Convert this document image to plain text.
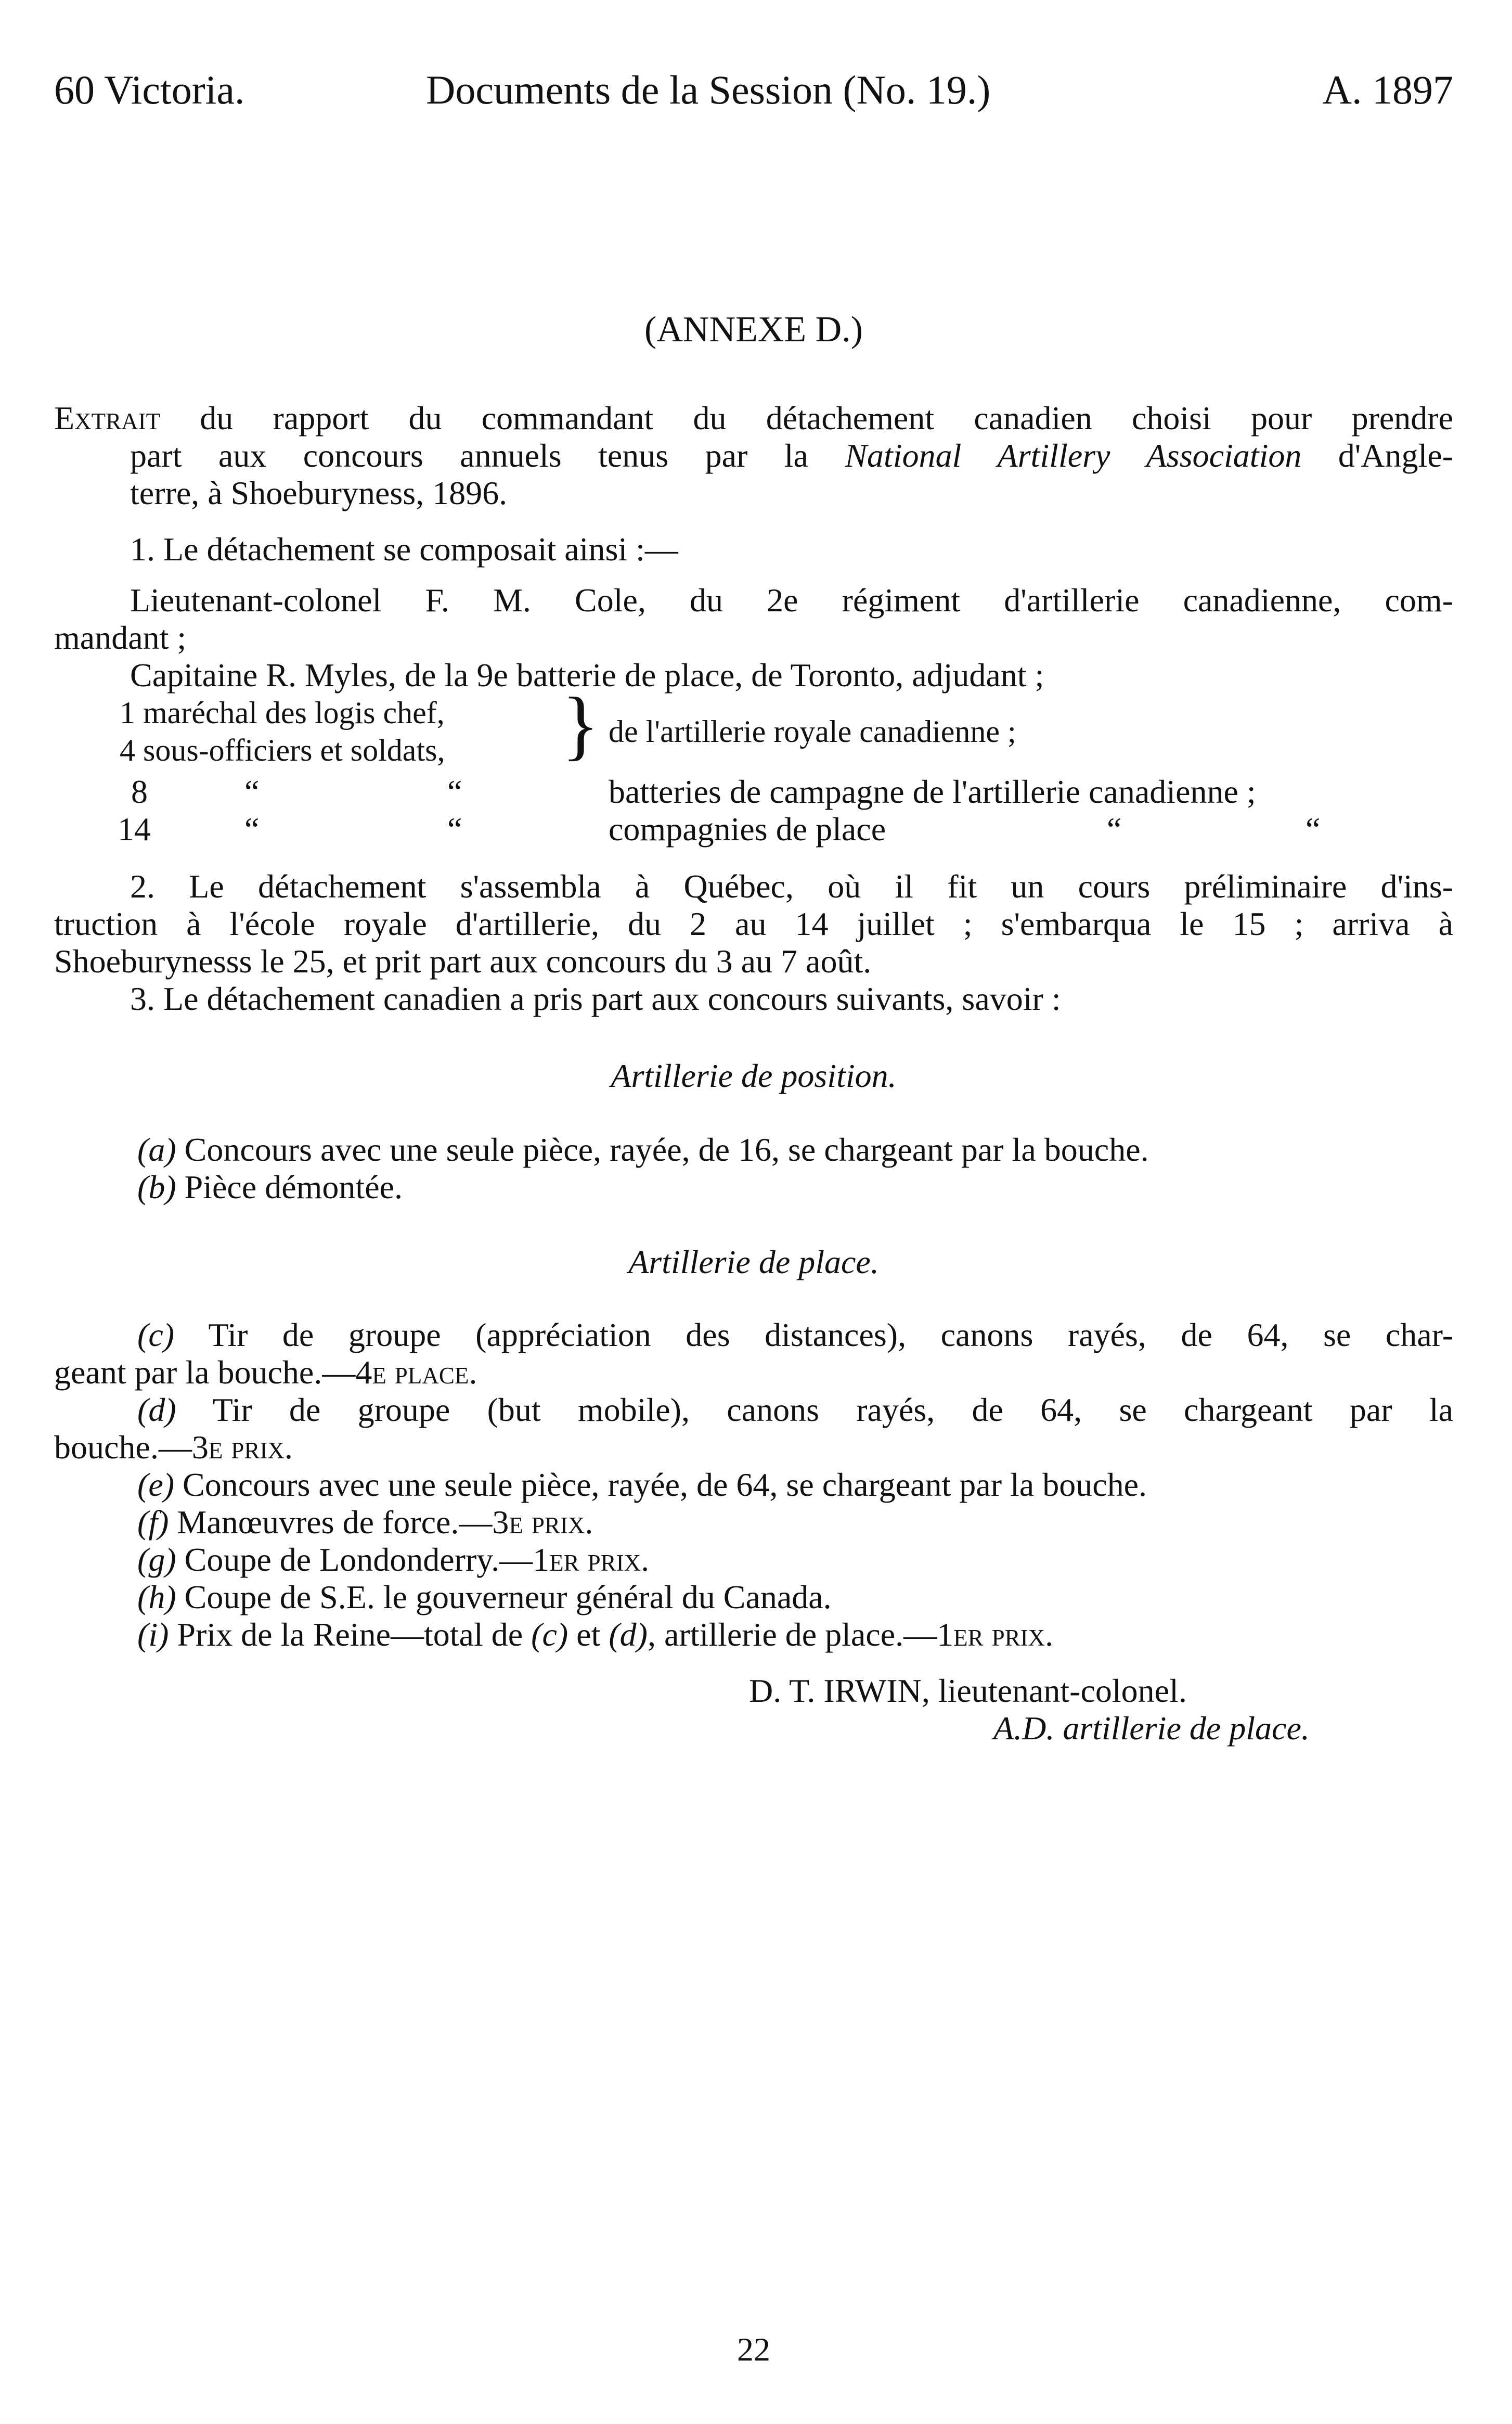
60 Victoria.	Documents de la Session (No. 19.)	A. 1897
(ANNEXE D.)
Extrait du rapport du commandant du détachement canadien choisi pour prendre
part aux concours annuels tenus par la National Artillery Association d'Angle-
terre, à Shoeburyness, 1896.
1. Le détachement se composait ainsi :—
Lieutenant-colonel F. M. Cole, du 2e régiment d'artillerie canadienne, com-
mandant ;
Capitaine R. Myles, de la 9e batterie de place, de Toronto, adjudant ;
1 maréchal des logis chef,
4 sous-officiers et soldats, } de l'artillerie royale canadienne ;
8	“	“	batteries de campagne de l'artillerie canadienne ;
14	“	“	compagnies de place	“	“
2. Le détachement s'assembla à Québec, où il fit un cours préliminaire d'ins-
truction à l'école royale d'artillerie, du 2 au 14 juillet ; s'embarqua le 15 ; arriva à
Shoeburynesss le 25, et prit part aux concours du 3 au 7 août.
3. Le détachement canadien a pris part aux concours suivants, savoir :
Artillerie de position.
(a) Concours avec une seule pièce, rayée, de 16, se chargeant par la bouche.
(b) Pièce démontée.
Artillerie de place.
(c) Tir de groupe (appréciation des distances), canons rayés, de 64, se char-
geant par la bouche.—4e place.
(d) Tir de groupe (but mobile), canons rayés, de 64, se chargeant par la
bouche.—3e prix.
(e) Concours avec une seule pièce, rayée, de 64, se chargeant par la bouche.
(f) Manœuvres de force.—3e prix.
(g) Coupe de Londonderry.—1er prix.
(h) Coupe de S.E. le gouverneur général du Canada.
(i) Prix de la Reine—total de (c) et (d), artillerie de place.—1er prix.
D. T. IRWIN, lieutenant-colonel.
A.D. artillerie de place.
22
